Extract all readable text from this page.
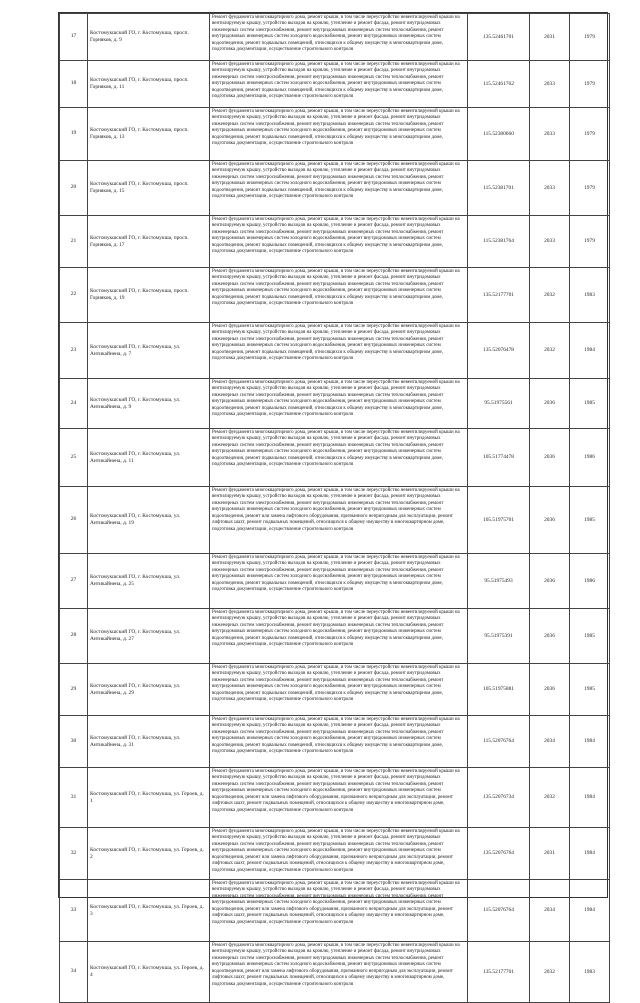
17	Костомукшский ГО, г. Костомукша, просп. Горняков, д. 9	Ремонт фундамента многоквартирного дома, ремонт крыши, в том числе переустройство невентилируемой крыши на вентилируемую крышу, устройство выходов на кровлю, утепление и ремонт фасада, ремонт внутридомовых инженерных систем электроснабжения, ремонт внутридомовых инженерных систем теплоснабжения, ремонт внутридомовых инженерных систем холодного водоснабжения, ремонт внутридомовых инженерных систем водоотведения, ремонт подвальных помещений, относящихся к общему имуществу в многоквартирном доме, подготовка документации, осуществление строительного контроля	135.52461701	2031	1979
18	Костомукшский ГО, г. Костомукша, просп. Горняков, д. 11	Ремонт фундамента многоквартирного дома, ремонт крыши, в том числе переустройство невентилируемой крыши на вентилируемую крышу, устройство выходов на кровлю, утепление и ремонт фасада, ремонт внутридомовых инженерных систем электроснабжения, ремонт внутридомовых инженерных систем теплоснабжения, ремонт внутридомовых инженерных систем холодного водоснабжения, ремонт внутридомовых инженерных систем водоотведения, ремонт подвальных помещений, относящихся к общему имуществу в многоквартирном доме, подготовка документации, осуществление строительного контроля	115.52461762	2033	1979
19	Костомукшский ГО, г. Костомукша, просп. Горняков, д. 13	Ремонт фундамента многоквартирного дома, ремонт крыши, в том числе переустройство невентилируемой крыши на вентилируемую крышу, устройство выходов на кровлю, утепление и ремонт фасада, ремонт внутридомовых инженерных систем электроснабжения, ремонт внутридомовых инженерных систем теплоснабжения, ремонт внутридомовых инженерных систем холодного водоснабжения, ремонт внутридомовых инженерных систем водоотведения, ремонт подвальных помещений, относящихся к общему имуществу в многоквартирном доме, подготовка документации, осуществление строительного контроля	115.52380660	2033	1979
20	Костомукшский ГО, г. Костомукша, просп. Горняков, д. 15	Ремонт фундамента многоквартирного дома, ремонт крыши, в том числе переустройство невентилируемой крыши на вентилируемую крышу, устройство выходов на кровлю, утепление и ремонт фасада, ремонт внутридомовых инженерных систем электроснабжения, ремонт внутридомовых инженерных систем теплоснабжения, ремонт внутридомовых инженерных систем холодного водоснабжения, ремонт внутридомовых инженерных систем водоотведения, ремонт подвальных помещений, относящихся к общему имуществу в многоквартирном доме, подготовка документации, осуществление строительного контроля	115.52381701	2033	1979
21	Костомукшский ГО, г. Костомукша, просп. Горняков, д. 17	Ремонт фундамента многоквартирного дома, ремонт крыши, в том числе переустройство невентилируемой крыши на вентилируемую крышу, устройство выходов на кровлю, утепление и ремонт фасада, ремонт внутридомовых инженерных систем электроснабжения, ремонт внутридомовых инженерных систем теплоснабжения, ремонт внутридомовых инженерных систем холодного водоснабжения, ремонт внутридомовых инженерных систем водоотведения, ремонт подвальных помещений, относящихся к общему имуществу в многоквартирном доме, подготовка документации, осуществление строительного контроля	115.52381764	2033	1979
22	Костомукшский ГО, г. Костомукша, просп. Горняков, д. 19	Ремонт фундамента многоквартирного дома, ремонт крыши, в том числе переустройство невентилируемой крыши на вентилируемую крышу, устройство выходов на кровлю, утепление и ремонт фасада, ремонт внутридомовых инженерных систем электроснабжения, ремонт внутридомовых инженерных систем теплоснабжения, ремонт внутридомовых инженерных систем холодного водоснабжения, ремонт внутридомовых инженерных систем водоотведения, ремонт подвальных помещений, относящихся к общему имуществу в многоквартирном доме, подготовка документации, осуществление строительного контроля	135.52177701	2032	1983
23	Костомукшский ГО, г. Костомукша, ул. Антикайнена, д. 7	Ремонт фундамента многоквартирного дома, ремонт крыши, в том числе переустройство невентилируемой крыши на вентилируемую крышу, устройство выходов на кровлю, утепление и ремонт фасада, ремонт внутридомовых инженерных систем электроснабжения, ремонт внутридомовых инженерных систем теплоснабжения, ремонт внутридомовых инженерных систем холодного водоснабжения, ремонт внутридомовых инженерных систем водоотведения, ремонт подвальных помещений, относящихся к общему имуществу в многоквартирном доме, подготовка документации, осуществление строительного контроля	135.52076478	2032	1984
24	Костомукшский ГО, г. Костомукша, ул. Антикайнена, д. 9	Ремонт фундамента многоквартирного дома, ремонт крыши, в том числе переустройство невентилируемой крыши на вентилируемую крышу, устройство выходов на кровлю, утепление и ремонт фасада, ремонт внутридомовых инженерных систем электроснабжения, ремонт внутридомовых инженерных систем теплоснабжения, ремонт внутридомовых инженерных систем холодного водоснабжения, ремонт внутридомовых инженерных систем водоотведения, ремонт подвальных помещений, относящихся к общему имуществу в многоквартирном доме, подготовка документации, осуществление строительного контроля	95.51975561	2036	1985
25	Костомукшский ГО, г. Костомукша, ул. Антикайнена, д. 11	Ремонт фундамента многоквартирного дома, ремонт крыши, в том числе переустройство невентилируемой крыши на вентилируемую крышу, устройство выходов на кровлю, утепление и ремонт фасада, ремонт внутридомовых инженерных систем электроснабжения, ремонт внутридомовых инженерных систем теплоснабжения, ремонт внутридомовых инженерных систем холодного водоснабжения, ремонт внутридомовых инженерных систем водоотведения, ремонт подвальных помещений, относящихся к общему имуществу в многоквартирном доме, подготовка документации, осуществление строительного контроля	105.51774478	2036	1986
26	Костомукшский ГО, г. Костомукша, ул. Антикайнена, д. 19	Ремонт фундамента многоквартирного дома, ремонт крыши, в том числе переустройство невентилируемой крыши на вентилируемую крышу, устройство выходов на кровлю, утепление и ремонт фасада, ремонт внутридомовых инженерных систем электроснабжения, ремонт внутридомовых инженерных систем теплоснабжения, ремонт внутридомовых инженерных систем холодного водоснабжения, ремонт внутридомовых инженерных систем водоотведения, ремонт или замена лифтового оборудования, признанного непригодным для эксплуатации, ремонт лифтовых шахт, ремонт подвальных помещений, относящихся к общему имуществу в многоквартирном доме, подготовка документации, осуществление строительного контроля	105.51975701	2036	1985
27	Костомукшский ГО, г. Костомукша, ул. Антикайнена, д. 25	Ремонт фундамента многоквартирного дома, ремонт крыши, в том числе переустройство невентилируемой крыши на вентилируемую крышу, устройство выходов на кровлю, утепление и ремонт фасада, ремонт внутридомовых инженерных систем электроснабжения, ремонт внутридомовых инженерных систем теплоснабжения, ремонт внутридомовых инженерных систем холодного водоснабжения, ремонт внутридомовых инженерных систем водоотведения, ремонт подвальных помещений, относящихся к общему имуществу в многоквартирном доме, подготовка документации, осуществление строительного контроля	95.51975493	2036	1986
28	Костомукшский ГО, г. Костомукша, ул. Антикайнена, д. 27	Ремонт фундамента многоквартирного дома, ремонт крыши, в том числе переустройство невентилируемой крыши на вентилируемую крышу, устройство выходов на кровлю, утепление и ремонт фасада, ремонт внутридомовых инженерных систем электроснабжения, ремонт внутридомовых инженерных систем теплоснабжения, ремонт внутридомовых инженерных систем холодного водоснабжения, ремонт внутридомовых инженерных систем водоотведения, ремонт подвальных помещений, относящихся к общему имуществу в многоквартирном доме, подготовка документации, осуществление строительного контроля	95.51975391	2036	1985
29	Костомукшский ГО, г. Костомукша, ул. Антикайнена, д. 29	Ремонт фундамента многоквартирного дома, ремонт крыши, в том числе переустройство невентилируемой крыши на вентилируемую крышу, устройство выходов на кровлю, утепление и ремонт фасада, ремонт внутридомовых инженерных систем электроснабжения, ремонт внутридомовых инженерных систем теплоснабжения, ремонт внутридомовых инженерных систем холодного водоснабжения, ремонт внутридомовых инженерных систем водоотведения, ремонт подвальных помещений, относящихся к общему имуществу в многоквартирном доме, подготовка документации, осуществление строительного контроля	105.51975881	2036	1985
30	Костомукшский ГО, г. Костомукша, ул. Антикайнена, д. 31	Ремонт фундамента многоквартирного дома, ремонт крыши, в том числе переустройство невентилируемой крыши на вентилируемую крышу, устройство выходов на кровлю, утепление и ремонт фасада, ремонт внутридомовых инженерных систем электроснабжения, ремонт внутридомовых инженерных систем теплоснабжения, ремонт внутридомовых инженерных систем холодного водоснабжения, ремонт внутридомовых инженерных систем водоотведения, ремонт подвальных помещений, относящихся к общему имуществу в многоквартирном доме, подготовка документации, осуществление строительного контроля	115.52076764	2034	1984
31	Костомукшский ГО, г. Костомукша, ул. Героев, д. 1	Ремонт фундамента многоквартирного дома, ремонт крыши, в том числе переустройство невентилируемой крыши на вентилируемую крышу, устройство выходов на кровлю, утепление и ремонт фасада, ремонт внутридомовых инженерных систем электроснабжения, ремонт внутридомовых инженерных систем теплоснабжения, ремонт внутридомовых инженерных систем холодного водоснабжения, ремонт внутридомовых инженерных систем водоотведения, ремонт или замена лифтового оборудования, признанного непригодным для эксплуатации, ремонт лифтовых шахт, ремонт подвальных помещений, относящихся к общему имуществу в многоквартирном доме, подготовка документации, осуществление строительного контроля	135.52076734	2032	1984
32	Костомукшский ГО, г. Костомукша, ул. Героев, д. 2	Ремонт фундамента многоквартирного дома, ремонт крыши, в том числе переустройство невентилируемой крыши на вентилируемую крышу, устройство выходов на кровлю, утепление и ремонт фасада, ремонт внутридомовых инженерных систем электроснабжения, ремонт внутридомовых инженерных систем теплоснабжения, ремонт внутридомовых инженерных систем холодного водоснабжения, ремонт внутридомовых инженерных систем водоотведения, ремонт или замена лифтового оборудования, признанного непригодным для эксплуатации, ремонт лифтовых шахт, ремонт подвальных помещений, относящихся к общему имуществу в многоквартирном доме, подготовка документации, осуществление строительного контроля	135.52076764	2031	1984
33	Костомукшский ГО, г. Костомукша, ул. Героев, д. 3	Ремонт фундамента многоквартирного дома, ремонт крыши, в том числе переустройство невентилируемой крыши на вентилируемую крышу, устройство выходов на кровлю, утепление и ремонт фасада, ремонт внутридомовых инженерных систем электроснабжения, ремонт внутридомовых инженерных систем теплоснабжения, ремонт внутридомовых инженерных систем холодного водоснабжения, ремонт внутридомовых инженерных систем водоотведения, ремонт или замена лифтового оборудования, признанного непригодным для эксплуатации, ремонт лифтовых шахт, ремонт подвальных помещений, относящихся к общему имуществу в многоквартирном доме, подготовка документации, осуществление строительного контроля	115.52076764	2034	1984
34	Костомукшский ГО, г. Костомукша, ул. Героев, д. 4	Ремонт фундамента многоквартирного дома, ремонт крыши, в том числе переустройство невентилируемой крыши на вентилируемую крышу, устройство выходов на кровлю, утепление и ремонт фасада, ремонт внутридомовых инженерных систем электроснабжения, ремонт внутридомовых инженерных систем теплоснабжения, ремонт внутридомовых инженерных систем холодного водоснабжения, ремонт внутридомовых инженерных систем водоотведения, ремонт или замена лифтового оборудования, признанного непригодным для эксплуатации, ремонт лифтовых шахт, ремонт подвальных помещений, относящихся к общему имуществу в многоквартирном доме, подготовка документации, осуществление строительного контроля	135.52177701	2032	1983
